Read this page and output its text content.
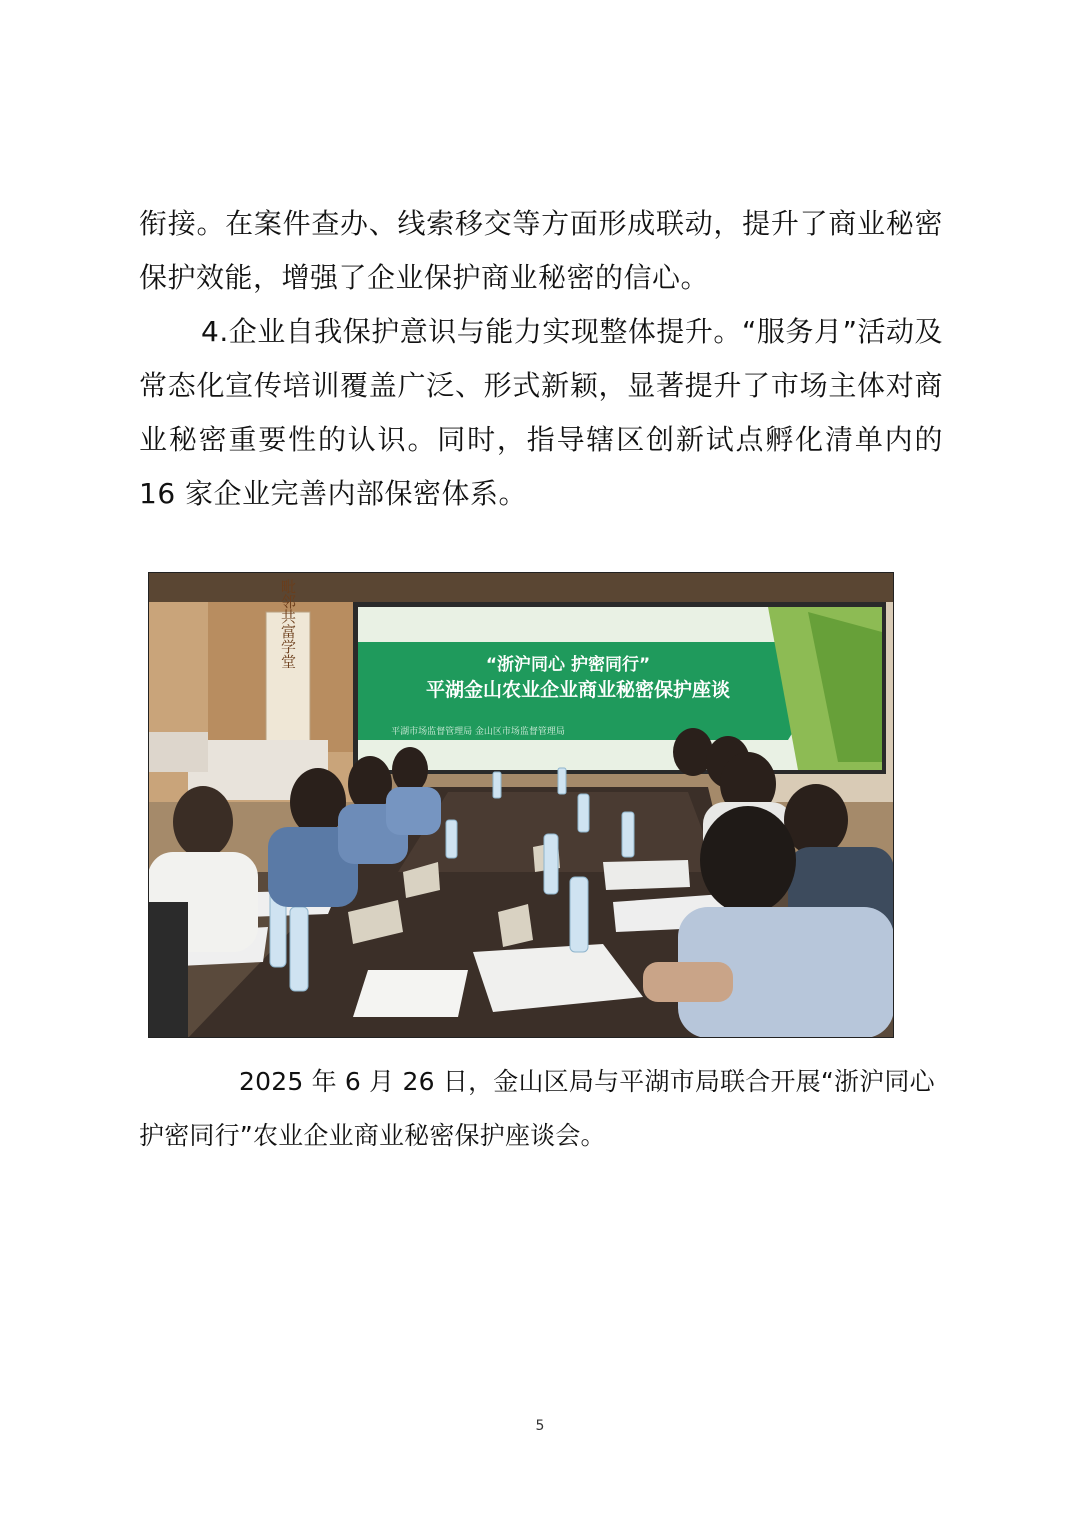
衔接。在案件查办、线索移交等方面形成联动，提升了商业秘密保护效能，增强了企业保护商业秘密的信心。
4.企业自我保护意识与能力实现整体提升。“服务月”活动及常态化宣传培训覆盖广泛、形式新颖，显著提升了市场主体对商业秘密重要性的认识。同时，指导辖区创新试点孵化清单内的16 家企业完善内部保密体系。
毗邻共富学堂	“浙沪同心 护密同行”
平湖金山农业企业商业秘密保护座谈
平湖市场监督管理局 金山区市场监督管理局
2025 年 6 月 26 日，金山区局与平湖市局联合开展“浙沪同心 护密同行”农业企业商业秘密保护座谈会。
5
